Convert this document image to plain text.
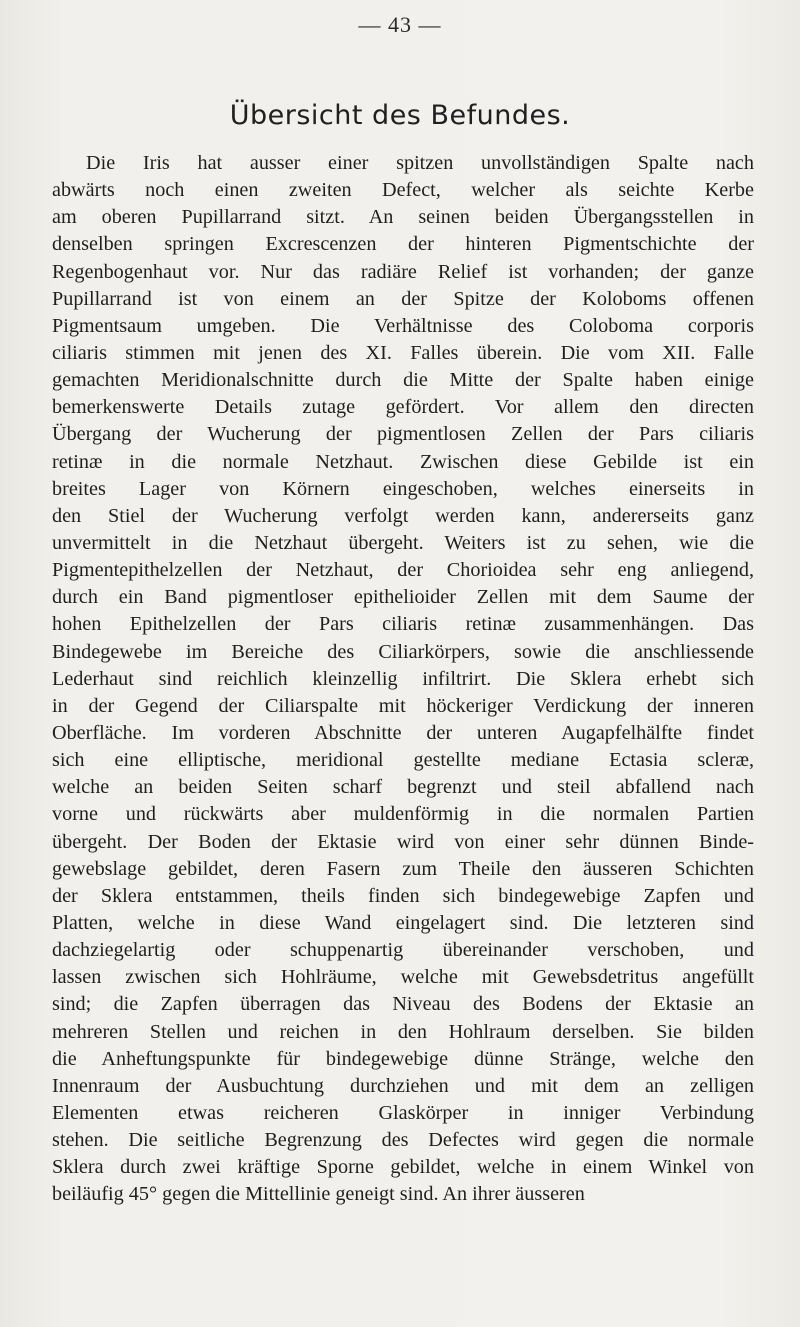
— 43 —
Übersicht des Befundes.
Die Iris hat ausser einer spitzen unvollständigen Spalte nach
abwärts noch einen zweiten Defect, welcher als seichte Kerbe
am oberen Pupillarrand sitzt. An seinen beiden Übergangsstellen in
denselben springen Excrescenzen der hinteren Pigmentschichte der
Regenbogenhaut vor. Nur das radiäre Relief ist vorhanden; der ganze
Pupillarrand ist von einem an der Spitze der Koloboms offenen
Pigmentsaum umgeben. Die Verhältnisse des Coloboma corporis
ciliaris stimmen mit jenen des XI. Falles überein. Die vom XII. Falle
gemachten Meridionalschnitte durch die Mitte der Spalte haben einige
bemerkenswerte Details zutage gefördert. Vor allem den directen
Übergang der Wucherung der pigmentlosen Zellen der Pars ciliaris
retinæ in die normale Netzhaut. Zwischen diese Gebilde ist ein
breites Lager von Körnern eingeschoben, welches einerseits in
den Stiel der Wucherung verfolgt werden kann, andererseits ganz
unvermittelt in die Netzhaut übergeht. Weiters ist zu sehen, wie die
Pigmentepithelzellen der Netzhaut, der Chorioidea sehr eng anliegend,
durch ein Band pigmentloser epithelioider Zellen mit dem Saume der
hohen Epithelzellen der Pars ciliaris retinæ zusammenhängen. Das
Bindegewebe im Bereiche des Ciliarkörpers, sowie die anschliessende
Lederhaut sind reichlich kleinzellig infiltrirt. Die Sklera erhebt sich
in der Gegend der Ciliarspalte mit höckeriger Verdickung der inneren
Oberfläche. Im vorderen Abschnitte der unteren Augapfelhälfte findet
sich eine elliptische, meridional gestellte mediane Ectasia scleræ,
welche an beiden Seiten scharf begrenzt und steil abfallend nach
vorne und rückwärts aber muldenförmig in die normalen Partien
übergeht. Der Boden der Ektasie wird von einer sehr dünnen Binde-
gewebslage gebildet, deren Fasern zum Theile den äusseren Schichten
der Sklera entstammen, theils finden sich bindegewebige Zapfen und
Platten, welche in diese Wand eingelagert sind. Die letzteren sind
dachziegelartig oder schuppenartig übereinander verschoben, und
lassen zwischen sich Hohlräume, welche mit Gewebsdetritus angefüllt
sind; die Zapfen überragen das Niveau des Bodens der Ektasie an
mehreren Stellen und reichen in den Hohlraum derselben. Sie bilden
die Anheftungspunkte für bindegewebige dünne Stränge, welche den
Innenraum der Ausbuchtung durchziehen und mit dem an zelligen
Elementen etwas reicheren Glaskörper in inniger Verbindung
stehen. Die seitliche Begrenzung des Defectes wird gegen die normale
Sklera durch zwei kräftige Sporne gebildet, welche in einem Winkel von
beiläufig 45° gegen die Mittellinie geneigt sind. An ihrer äusseren
